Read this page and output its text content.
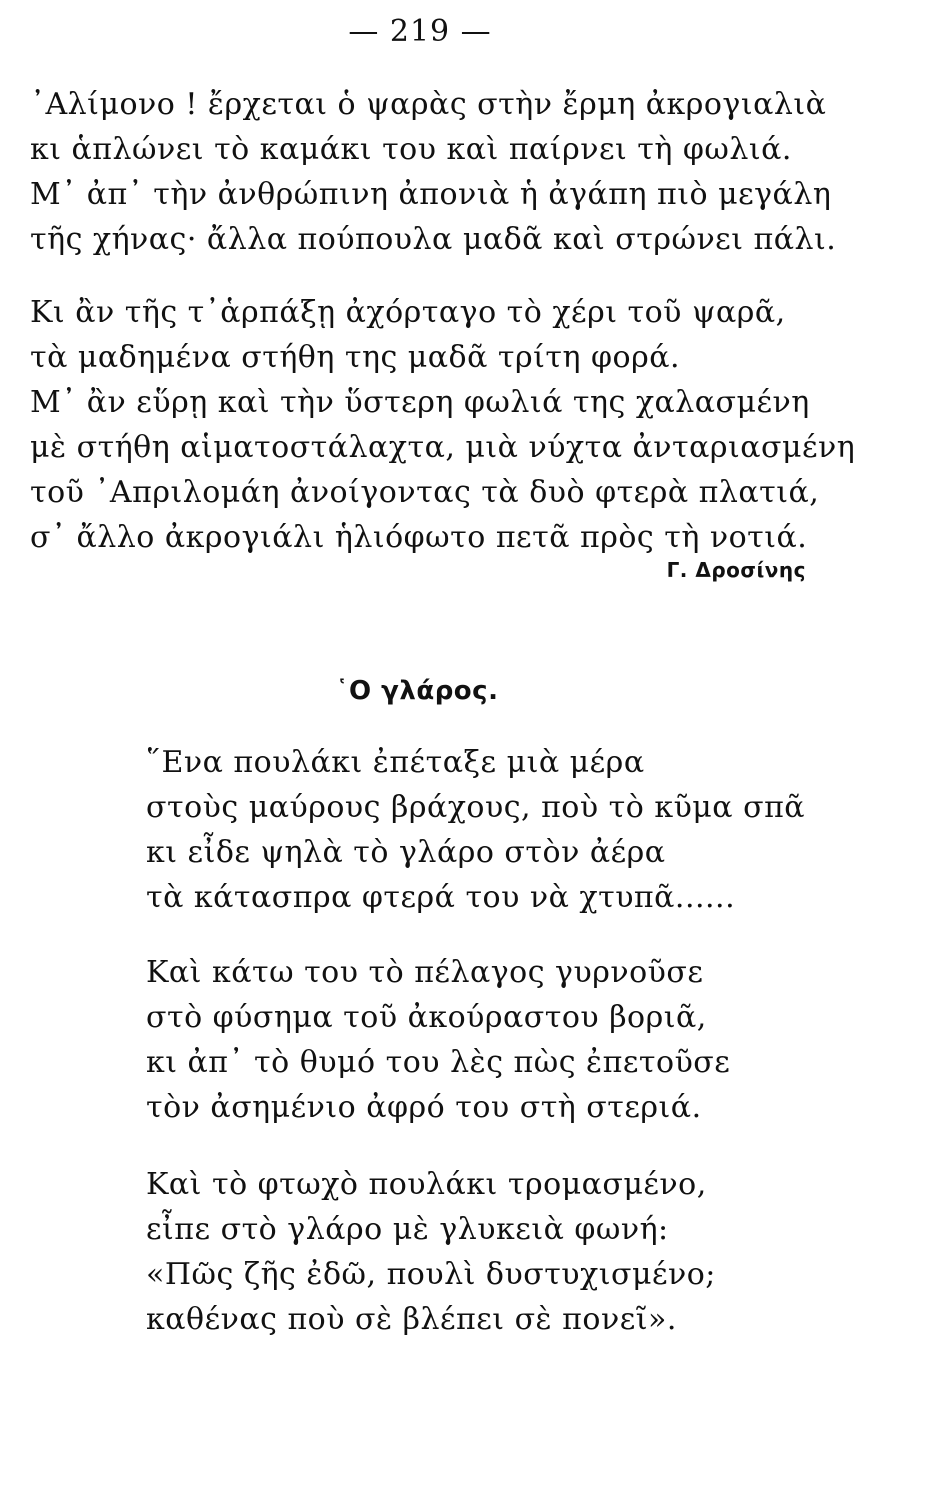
— 219 —
᾿Αλίμονο ! ἔρχεται ὁ ψαρὰς στὴν ἔρμη ἀκρογιαλιὰ
κι ἁπλώνει τὸ καμάκι του καὶ παίρνει τὴ φωλιά.
Μ᾿ ἀπ᾿ τὴν ἀνθρώπινη ἀπονιὰ ἡ ἀγάπη πιὸ μεγάλη
τῆς χήνας· ἄλλα πούπουλα μαδᾶ καὶ στρώνει πάλι.
Κι ἂν τῆς τ᾿ἁρπάξῃ ἀχόρταγο τὸ χέρι τοῦ ψαρᾶ,
τὰ μαδημένα στήθη της μαδᾶ τρίτη φορά.
Μ᾿ ἂν εὕρῃ καὶ τὴν ὕστερη φωλιά της χαλασμένη
μὲ στήθη αἱματοστάλαχτα, μιὰ νύχτα ἀνταριασμένη
τοῦ ᾿Απριλομάη ἀνοίγοντας τὰ δυὸ φτερὰ πλατιά,
σ᾿ ἄλλο ἀκρογιάλι ἡλιόφωτο πετᾶ πρὸς τὴ νοτιά.
Γ. Δροσίνης
῾Ο γλάρος.
῞Ενα πουλάκι ἐπέταξε μιὰ μέρα
στοὺς μαύρους βράχους, ποὺ τὸ κῦμα σπᾶ
κι εἶδε ψηλὰ τὸ γλάρο στὸν ἀέρα
τὰ κάτασπρα φτερά του νὰ χτυπᾶ......
Καὶ κάτω του τὸ πέλαγος γυρνοῦσε
στὸ φύσημα τοῦ ἀκούραστου βοριᾶ,
κι ἀπ᾿ τὸ θυμό του λὲς πὼς ἐπετοῦσε
τὸν ἀσημένιο ἀφρό του στὴ στεριά.
Καὶ τὸ φτωχὸ πουλάκι τρομασμένο,
εἶπε στὸ γλάρο μὲ γλυκειὰ φωνή:
«Πῶς ζῆς ἐδῶ, πουλὶ δυστυχισμένο;
καθένας ποὺ σὲ βλέπει σὲ πονεῖ».
